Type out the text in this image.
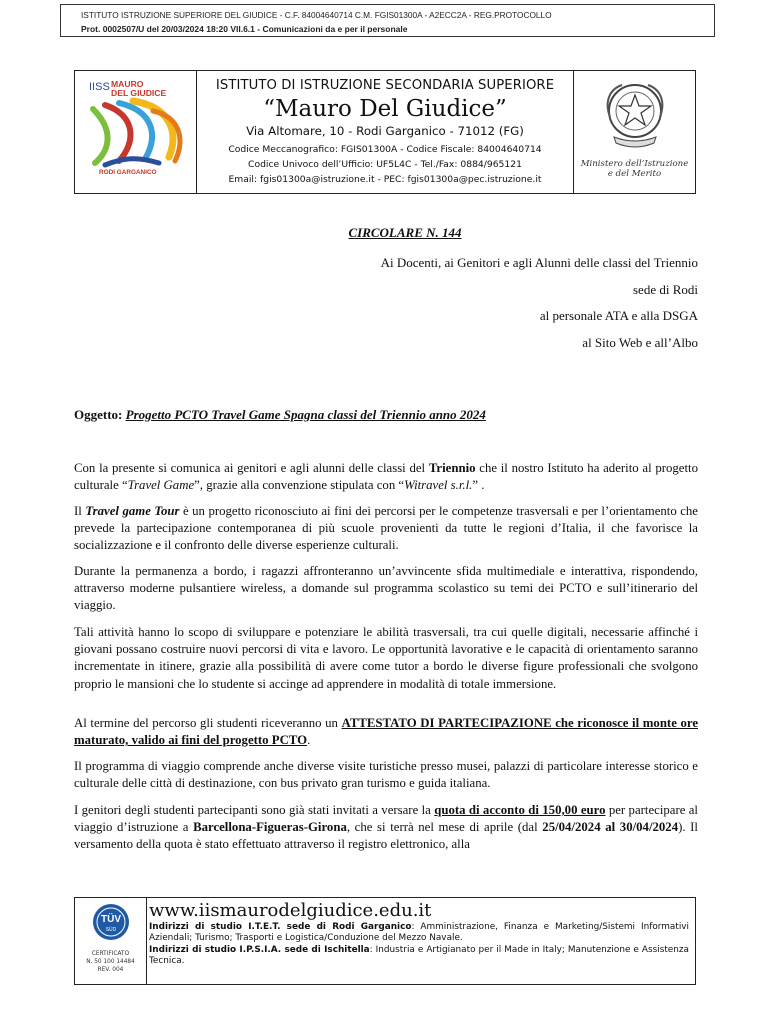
ISTITUTO ISTRUZIONE SUPERIORE DEL GIUDICE - C.F. 84004640714 C.M. FGIS01300A - A2ECC2A - REG.PROTOCOLLO
Prot. 0002507/U del 20/03/2024 18:20 VII.6.1 - Comunicazioni da e per il personale
IISS MAURO
DEL GIUDICE
RODI GARGANICO
ISTITUTO DI ISTRUZIONE SECONDARIA SUPERIORE
“Mauro Del Giudice”
Via Altomare, 10 - Rodi Garganico - 71012 (FG)
Codice Meccanografico: FGIS01300A - Codice Fiscale: 84004640714
Codice Univoco dell’Ufficio: UF5L4C - Tel./Fax: 0884/965121
Email: fgis01300a@istruzione.it - PEC: fgis01300a@pec.istruzione.it
Ministero dell’Istruzione
e del Merito
CIRCOLARE N. 144
Ai Docenti, ai Genitori e agli Alunni delle classi del Triennio
sede di Rodi
al personale ATA e alla DSGA
al Sito Web e all’Albo
Oggetto: Progetto PCTO Travel Game Spagna classi del Triennio anno 2024
Con la presente si comunica ai genitori e agli alunni delle classi del Triennio che il nostro Istituto ha aderito al progetto culturale “Travel Game”, grazie alla convenzione stipulata con “Witravel s.r.l.” .
Il Travel game Tour è un progetto riconosciuto ai fini dei percorsi per le competenze trasversali e per l’orientamento che prevede la partecipazione contemporanea di più scuole provenienti da tutte le regioni d’Italia, il che favorisce la socializzazione e il confronto delle diverse esperienze culturali.
Durante la permanenza a bordo, i ragazzi affronteranno un’avvincente sfida multimediale e interattiva, rispondendo, attraverso moderne pulsantiere wireless, a domande sul programma scolastico su temi dei PCTO e sull’itinerario del viaggio.
Tali attività hanno lo scopo di sviluppare e potenziare le abilità trasversali, tra cui quelle digitali, necessarie affinché i giovani possano costruire nuovi percorsi di vita e lavoro. Le opportunità lavorative e le capacità di orientamento saranno incrementate in itinere, grazie alla possibilità di avere come tutor a bordo le diverse figure professionali che svolgono proprio le mansioni che lo studente si accinge ad apprendere in modalità di totale immersione.
Al termine del percorso gli studenti riceveranno un ATTESTATO DI PARTECIPAZIONE che riconosce il monte ore maturato, valido ai fini del progetto PCTO.
Il programma di viaggio comprende anche diverse visite turistiche presso musei, palazzi di particolare interesse storico e culturale delle città di destinazione, con bus privato gran turismo e guida italiana.
I genitori degli studenti partecipanti sono già stati invitati a versare la quota di acconto di 150,00 euro per partecipare al viaggio d’istruzione a Barcellona-Figueras-Girona, che si terrà nel mese di aprile (dal 25/04/2024 al 30/04/2024). Il versamento della quota è stato effettuato attraverso il registro elettronico, alla
TÜV
SÜD
CERTIFICATO
N. 50 100 14484
REV. 004
www.iismaurodelgiudice.edu.it
Indirizzi di studio I.T.E.T. sede di Rodi Garganico: Amministrazione, Finanza e Marketing/Sistemi Informativi Aziendali; Turismo; Trasporti e Logistica/Conduzione del Mezzo Navale.
Indirizzi di studio I.P.S.I.A. sede di Ischitella: Industria e Artigianato per il Made in Italy; Manutenzione e Assistenza Tecnica.
